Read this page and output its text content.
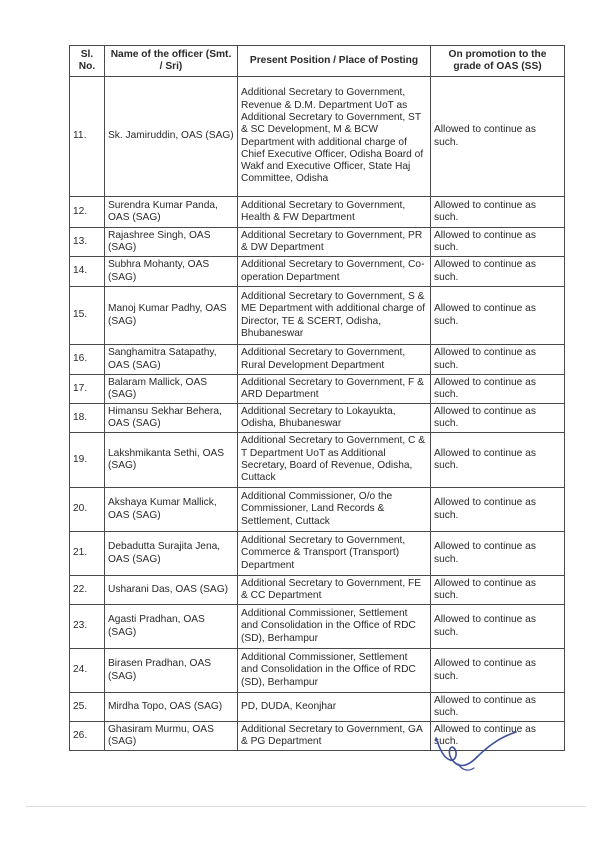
Sl. No.	Name of the officer (Smt. / Sri)	Present Position / Place of Posting	On promotion to the grade of OAS (SS)
11.	Sk. Jamiruddin, OAS (SAG)	Additional Secretary to Government, Revenue & D.M. Department UoT as Additional Secretary to Government, ST & SC Development, M & BCW Department with additional charge of Chief Executive Officer, Odisha Board of Wakf and Executive Officer, State Haj Committee, Odisha	Allowed to continue as such.
12.	Surendra Kumar Panda, OAS (SAG)	Additional Secretary to Government, Health & FW Department	Allowed to continue as such.
13.	Rajashree Singh, OAS (SAG)	Additional Secretary to Government, PR & DW Department	Allowed to continue as such.
14.	Subhra Mohanty, OAS (SAG)	Additional Secretary to Government, Co-operation Department	Allowed to continue as such.
15.	Manoj Kumar Padhy, OAS (SAG)	Additional Secretary to Government, S & ME Department with additional charge of Director, TE & SCERT, Odisha, Bhubaneswar	Allowed to continue as such.
16.	Sanghamitra Satapathy, OAS (SAG)	Additional Secretary to Government, Rural Development Department	Allowed to continue as such.
17.	Balaram Mallick, OAS (SAG)	Additional Secretary to Government, F & ARD Department	Allowed to continue as such.
18.	Himansu Sekhar Behera, OAS (SAG)	Additional Secretary to Lokayukta, Odisha, Bhubaneswar	Allowed to continue as such.
19.	Lakshmikanta Sethi, OAS (SAG)	Additional Secretary to Government, C & T Department UoT as Additional Secretary, Board of Revenue, Odisha, Cuttack	Allowed to continue as such.
20.	Akshaya Kumar Mallick, OAS (SAG)	Additional Commissioner, O/o the Commissioner, Land Records & Settlement, Cuttack	Allowed to continue as such.
21.	Debadutta Surajita Jena, OAS (SAG)	Additional Secretary to Government, Commerce & Transport (Transport) Department	Allowed to continue as such.
22.	Usharani Das, OAS (SAG)	Additional Secretary to Government, FE & CC Department	Allowed to continue as such.
23.	Agasti Pradhan, OAS (SAG)	Additional Commissioner, Settlement and Consolidation in the Office of RDC (SD), Berhampur	Allowed to continue as such.
24.	Birasen Pradhan, OAS (SAG)	Additional Commissioner, Settlement and Consolidation in the Office of RDC (SD), Berhampur	Allowed to continue as such.
25.	Mirdha Topo, OAS (SAG)	PD, DUDA, Keonjhar	Allowed to continue as such.
26.	Ghasiram Murmu, OAS (SAG)	Additional Secretary to Government, GA & PG Department	Allowed to continue as such.
